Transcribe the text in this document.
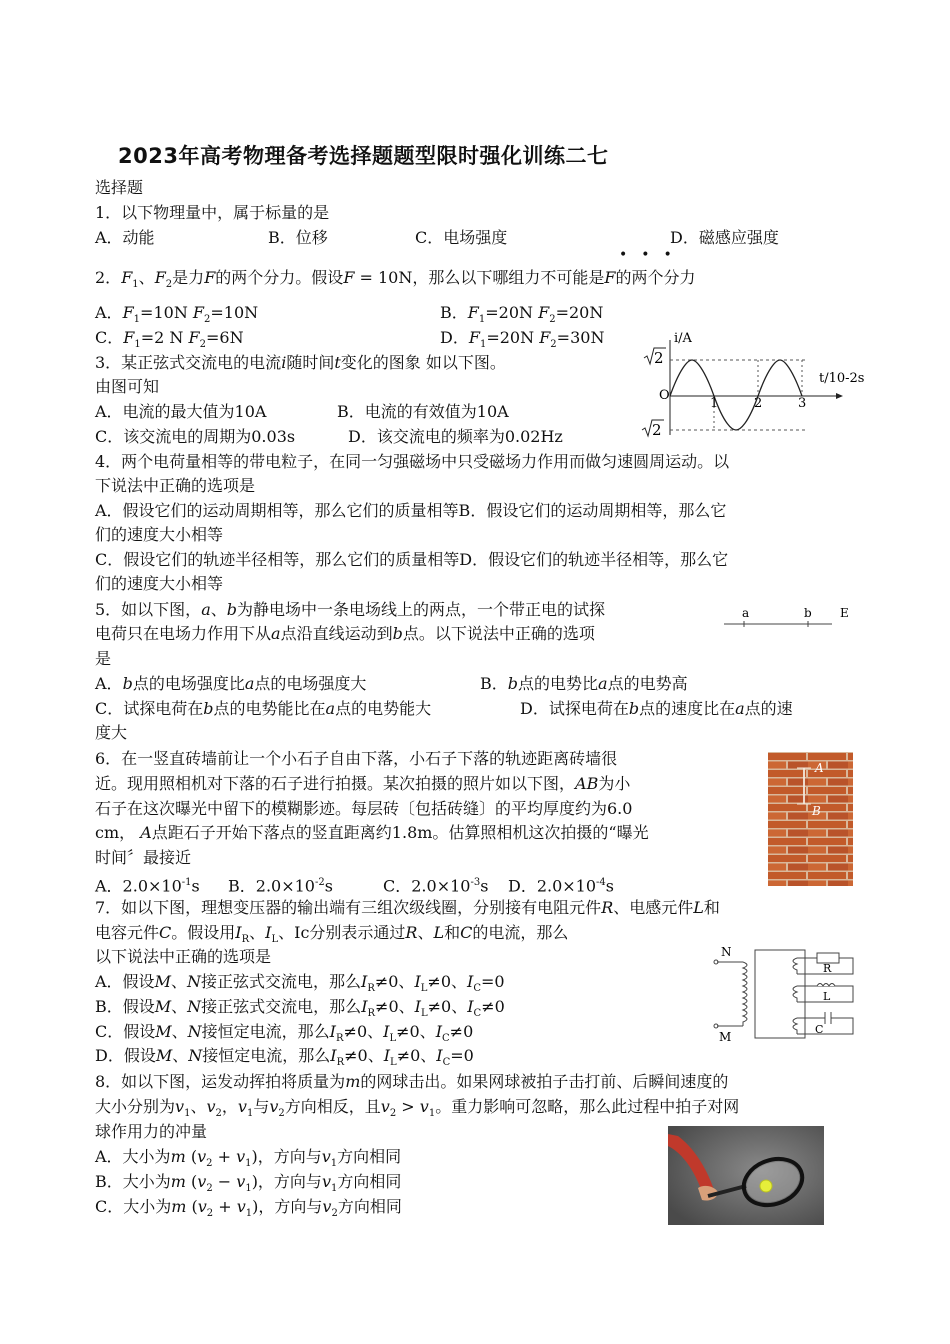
2023年高考物理备考选择题题型限时强化训练二七
选择题
1．以下物理量中，属于标量的是
A．动能	B．位移	C．电场强度	D．磁感应强度
•••
2．$F_1$、$F_2$是力F的两个分力。假设F = 10N，那么以下哪组力不可能是F的两个分力
A．$F_1=10N$ $F_2=10N$	B．$F_1=20N$ $F_2=20N$
C．$F_1=2$ N $F_2=6N$	D．$F_1=20N$ $F_2=30N$
3．某正弦式交流电的电流i随时间t变化的图象 如以下图。
由图可知
A．电流的最大值为10A	B．电流的有效值为10A
C．该交流电的周期为0.03s	D．该交流电的频率为0.02Hz
i/A
t/10-2s
O
1	2	3
2
2
4．两个电荷量相等的带电粒子，在同一匀强磁场中只受磁场力作用而做匀速圆周运动。以
下说法中正确的选项是
A．假设它们的运动周期相等，那么它们的质量相等B．假设它们的运动周期相等，那么它
们的速度大小相等
C．假设它们的轨迹半径相等，那么它们的质量相等D．假设它们的轨迹半径相等，那么它
们的速度大小相等
5．如以下图，a、b为静电场中一条电场线上的两点，一个带正电的试探
电荷只在电场力作用下从a点沿直线运动到b点。以下说法中正确的选项
是
A．b点的电场强度比a点的电场强度大	B．b点的电势比a点的电势高
C．试探电荷在b点的电势能比在a点的电势能大	D．试探电荷在b点的速度比在a点的速
度大
a	b E
6．在一竖直砖墙前让一个小石子自由下落，小石子下落的轨迹距离砖墙很
近。现用照相机对下落的石子进行拍摄。某次拍摄的照片如以下图，AB为小
石子在这次曝光中留下的模糊影迹。每层砖〔包括砖缝〕的平均厚度约为6.0
cm， A点距石子开始下落点的竖直距离约1.8m。估算照相机这次拍摄的“曝光
时间〞最接近
A．$2.0\times 10^{-1}s$ B．$2.0\times 10^{-2}s$	C．$2.0\times 10^{-3}s$ D．$2.0\times 10^{-4}s$
A
B
7．如以下图，理想变压器的输出端有三组次级线圈，分别接有电阻元件R、电感元件L和
电容元件C。假设用$I_R$、$I_L$、Ic分别表示通过R、L和C的电流，那么
以下说法中正确的选项是
A．假设M、N接正弦式交流电，那么$I_R\ne 0$、$I_L\ne 0$、$I_C=0$
B．假设M、N接正弦式交流电，那么$I_R\ne 0$、$I_L\ne 0$、$I_C\ne 0$
C．假设M、N接恒定电流，那么$I_R\ne 0$、$I_L\ne 0$、$I_C\ne 0$
D．假设M、N接恒定电流，那么$I_R\ne 0$、$I_L\ne 0$、$I_C=0$
N
M
R
L
C
8．如以下图，运发动挥拍将质量为m的网球击出。如果网球被拍子击打前、后瞬间速度的
大小分别为$v_1$、$v_2$，$v_1$与$v_2$方向相反，且$v_2 > v_1$。重力影响可忽略，那么此过程中拍子对网
球作用力的冲量
A．大小为m $(v_2 + v_1)$，方向与$v_1$方向相同
B．大小为m $(v_2 - v_1)$，方向与$v_1$方向相同
C．大小为m $(v_2 + v_1)$，方向与$v_2$方向相同
